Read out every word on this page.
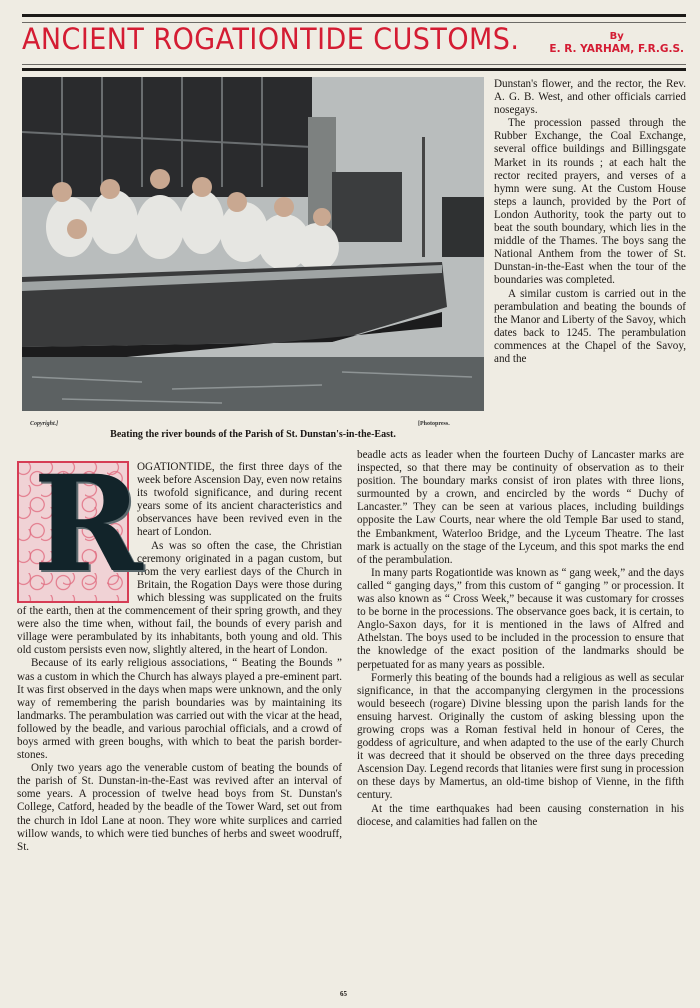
ANCIENT ROGATIONTIDE CUSTOMS.	By
E. R. YARHAM, F.R.G.S.
Copyright.]	[Photopress.
Beating the river bounds of the Parish of St. Dunstan's-in-the-East.

Dunstan's flower, and the rector, the Rev. A. G. B. West, and other officials carried nosegays.

The procession passed through the Rubber Exchange, the Coal Exchange, several office buildings and Billingsgate Market in its rounds ; at each halt the rector recited prayers, and verses of a hymn were sung. At the Custom House steps a launch, provided by the Port of London Authority, took the party out to beat the south boundary, which lies in the middle of the Thames. The boys sang the National Anthem from the tower of St. Dunstan-in-the-East when the tour of the boundaries was completed.

A similar custom is carried out in the perambulation and beating the bounds of the Manor and Liberty of the Savoy, which dates back to 1245. The perambulation commences at the Chapel of the Savoy, and the

R

OGATIONTIDE, the first three days of the week before Ascension Day, even now retains its twofold significance, and during recent years some of its ancient characteristics and observances have been revived even in the heart of London.

As was so often the case, the Christian ceremony originated in a pagan custom, but from the very earliest days of the Church in Britain, the Rogation Days were those during which blessing was supplicated on the fruits of the earth, then at the commencement of their spring growth, and they were also the time when, without fail, the bounds of every parish and village were perambulated by its inhabitants, both young and old. This old custom persists even now, slightly altered, in the heart of London.

Because of its early religious associations, “ Beating the Bounds ” was a custom in which the Church has always played a pre-eminent part. It was first observed in the days when maps were unknown, and the only way of remembering the parish boundaries was by maintaining its landmarks. The perambulation was carried out with the vicar at the head, followed by the beadle, and various parochial officials, and a crowd of boys armed with green boughs, with which to beat the parish border-stones.

Only two years ago the venerable custom of beating the bounds of the parish of St. Dunstan-in-the-East was revived after an interval of some years. A procession of twelve head boys from St. Dunstan's College, Catford, headed by the beadle of the Tower Ward, set out from the church in Idol Lane at noon. They wore white surplices and carried willow wands, to which were tied bunches of herbs and sweet woodruff, St.

beadle acts as leader when the fourteen Duchy of Lancaster marks are inspected, so that there may be continuity of observation as to their position. The boundary marks consist of iron plates with three lions, surmounted by a crown, and encircled by the words “ Duchy of Lancaster.” They can be seen at various places, including buildings opposite the Law Courts, near where the old Temple Bar used to stand, the Embankment, Waterloo Bridge, and the Lyceum Theatre. The last mark is actually on the stage of the Lyceum, and this spot marks the end of the perambulation.

In many parts Rogationtide was known as “ gang week,” and the days called “ ganging days,” from this custom of “ ganging ” or procession. It was also known as “ Cross Week,” because it was customary for crosses to be borne in the processions. The observance goes back, it is certain, to Anglo-Saxon days, for it is mentioned in the laws of Alfred and Athelstan. The boys used to be included in the procession to ensure that the knowledge of the exact position of the landmarks should be perpetuated for as many years as possible.

Formerly this beating of the bounds had a religious as well as secular significance, in that the accompanying clergymen in the processions would beseech (rogare) Divine blessing upon the parish lands for the ensuing harvest. Originally the custom of asking blessing upon the growing crops was a Roman festival held in honour of Ceres, the goddess of agriculture, and when adapted to the use of the early Church it was decreed that it should be observed on the three days preceding Ascension Day. Legend records that litanies were first sung in procession on these days by Mamertus, an old-time bishop of Vienne, in the fifth century.

At the time earthquakes had been causing consternation in his diocese, and calamities had fallen on the

65
